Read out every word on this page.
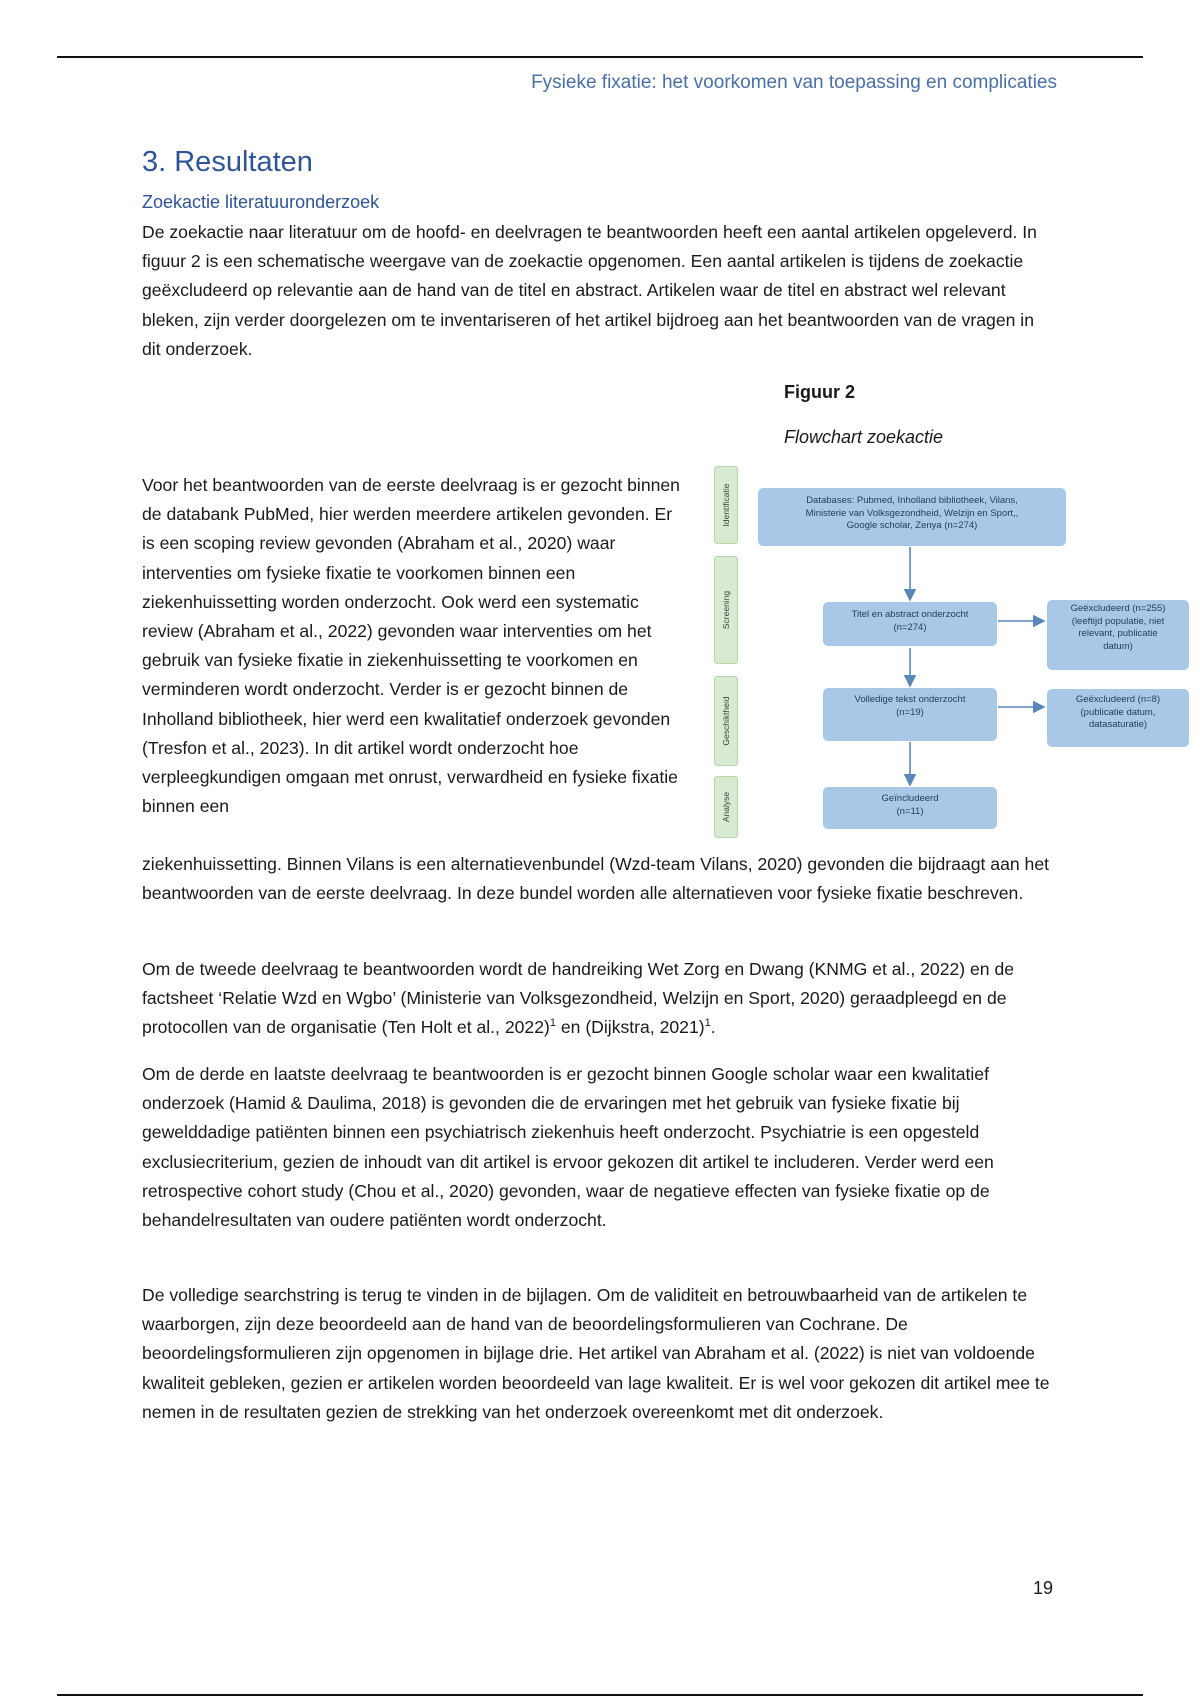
Fysieke fixatie: het voorkomen van toepassing en complicaties
3. Resultaten
Zoekactie literatuuronderzoek

De zoekactie naar literatuur om de hoofd- en deelvragen te beantwoorden heeft een aantal artikelen opgeleverd. In figuur 2 is een schematische weergave van de zoekactie opgenomen. Een aantal artikelen is tijdens de zoekactie geëxcludeerd op relevantie aan de hand van de titel en abstract. Artikelen waar de titel en abstract wel relevant bleken, zijn verder doorgelezen om te inventariseren of het artikel bijdroeg aan het beantwoorden van de vragen in dit onderzoek.

Figuur 2
Flowchart zoekactie

Voor het beantwoorden van de eerste deelvraag is er gezocht binnen de databank PubMed, hier werden meerdere artikelen gevonden. Er is een scoping review gevonden (Abraham et al., 2020) waar interventies om fysieke fixatie te voorkomen binnen een ziekenhuissetting worden onderzocht. Ook werd een systematic review (Abraham et al., 2022) gevonden waar interventies om het gebruik van fysieke fixatie in ziekenhuissetting te voorkomen en verminderen wordt onderzocht. Verder is er gezocht binnen de Inholland bibliotheek, hier werd een kwalitatief onderzoek gevonden (Tresfon et al., 2023). In dit artikel wordt onderzocht hoe verpleegkundigen omgaan met onrust, verwardheid en fysieke fixatie binnen een

Identificatie
Screening
Geschiktheid
Analyse
Databases: Pubmed, Inholland bibliotheek, Vilans,
Ministerie van Volksgezondheid, Welzijn en Sport,,
Google scholar, Zenya (n=274)
Titel en abstract onderzocht
(n=274)
Geëxcludeerd (n=255)
(leeftijd populatie, niet
relevant, publicatie
datum)
Volledige tekst onderzocht
(n=19)
Geëxcludeerd (n=8)
(publicatie datum,
datasaturatie)
Geïncludeerd
(n=11)

ziekenhuissetting. Binnen Vilans is een alternatievenbundel (Wzd-team Vilans, 2020) gevonden die bijdraagt aan het beantwoorden van de eerste deelvraag. In deze bundel worden alle alternatieven voor fysieke fixatie beschreven.

Om de tweede deelvraag te beantwoorden wordt de handreiking Wet Zorg en Dwang (KNMG et al., 2022) en de factsheet ‘Relatie Wzd en Wgbo’ (Ministerie van Volksgezondheid, Welzijn en Sport, 2020) geraadpleegd en de protocollen van de organisatie (Ten Holt et al., 2022)$^1$ en (Dijkstra, 2021)$^1$.

Om de derde en laatste deelvraag te beantwoorden is er gezocht binnen Google scholar waar een kwalitatief onderzoek (Hamid & Daulima, 2018) is gevonden die de ervaringen met het gebruik van fysieke fixatie bij gewelddadige patiënten binnen een psychiatrisch ziekenhuis heeft onderzocht. Psychiatrie is een opgesteld exclusiecriterium, gezien de inhoudt van dit artikel is ervoor gekozen dit artikel te includeren. Verder werd een retrospective cohort study (Chou et al., 2020) gevonden, waar de negatieve effecten van fysieke fixatie op de behandelresultaten van oudere patiënten wordt onderzocht.

De volledige searchstring is terug te vinden in de bijlagen. Om de validiteit en betrouwbaarheid van de artikelen te waarborgen, zijn deze beoordeeld aan de hand van de beoordelingsformulieren van Cochrane. De beoordelingsformulieren zijn opgenomen in bijlage drie. Het artikel van Abraham et al. (2022) is niet van voldoende kwaliteit gebleken, gezien er artikelen worden beoordeeld van lage kwaliteit. Er is wel voor gekozen dit artikel mee te nemen in de resultaten gezien de strekking van het onderzoek overeenkomt met dit onderzoek.

19
